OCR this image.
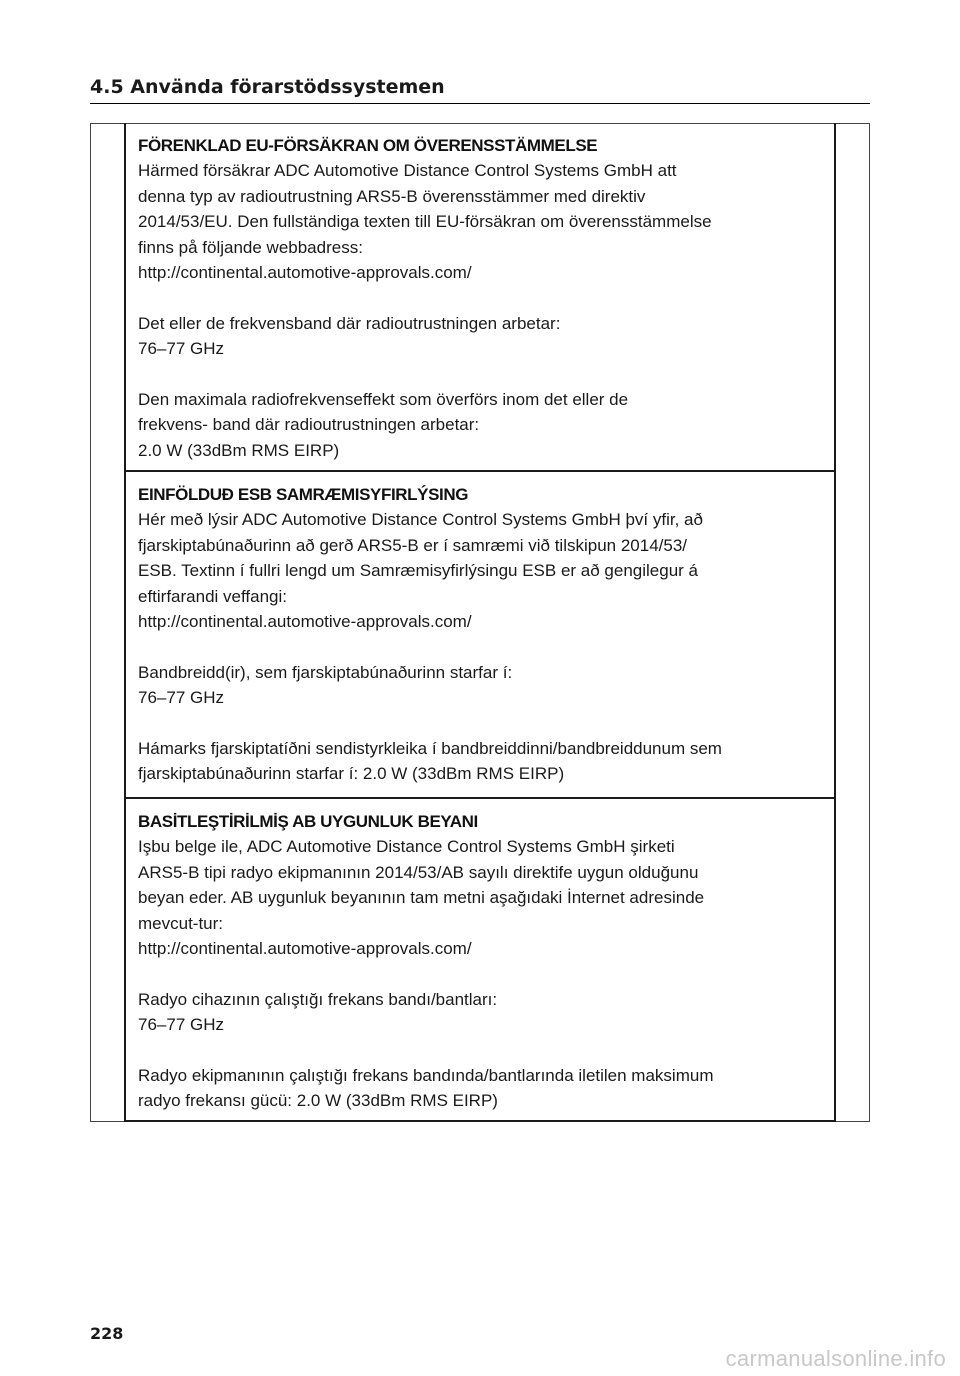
4.5 Använda förarstödssystemen
FÖRENKLAD EU-FÖRSÄKRAN OM ÖVERENSSTÄMMELSE
Härmed försäkrar ADC Automotive Distance Control Systems GmbH att
denna typ av radioutrustning ARS5-B överensstämmer med direktiv
2014/53/EU. Den fullständiga texten till EU-försäkran om överensstämmelse
finns på följande webbadress:
http://continental.automotive-approvals.com/
Det eller de frekvensband där radioutrustningen arbetar:
76–77 GHz
Den maximala radiofrekvenseffekt som överförs inom det eller de
frekvens- band där radioutrustningen arbetar:
2.0 W (33dBm RMS EIRP)
EINFÖLDUÐ ESB SAMRÆMISYFIRLÝSING
Hér með lýsir ADC Automotive Distance Control Systems GmbH því yfir, að
fjarskiptabúnaðurinn að gerð ARS5-B er í samræmi við tilskipun 2014/53/
ESB. Textinn í fullri lengd um Samræmisyfirlýsingu ESB er að gengilegur á
eftirfarandi veffangi:
http://continental.automotive-approvals.com/
Bandbreidd(ir), sem fjarskiptabúnaðurinn starfar í:
76–77 GHz
Hámarks fjarskiptatíðni sendistyrkleika í bandbreiddinni/bandbreiddunum sem
fjarskiptabúnaðurinn starfar í: 2.0 W (33dBm RMS EIRP)
BASİTLEŞTİRİLMİŞ AB UYGUNLUK BEYANI
Işbu belge ile, ADC Automotive Distance Control Systems GmbH şirketi
ARS5-B tipi radyo ekipmanının 2014/53/AB sayılı direktife uygun olduğunu
beyan eder. AB uygunluk beyanının tam metni aşağıdaki İnternet adresinde
mevcut-tur:
http://continental.automotive-approvals.com/
Radyo cihazının çalıştığı frekans bandı/bantları:
76–77 GHz
Radyo ekipmanının çalıştığı frekans bandında/bantlarında iletilen maksimum
radyo frekansı gücü: 2.0 W (33dBm RMS EIRP)
228
carmanualsonline.info
